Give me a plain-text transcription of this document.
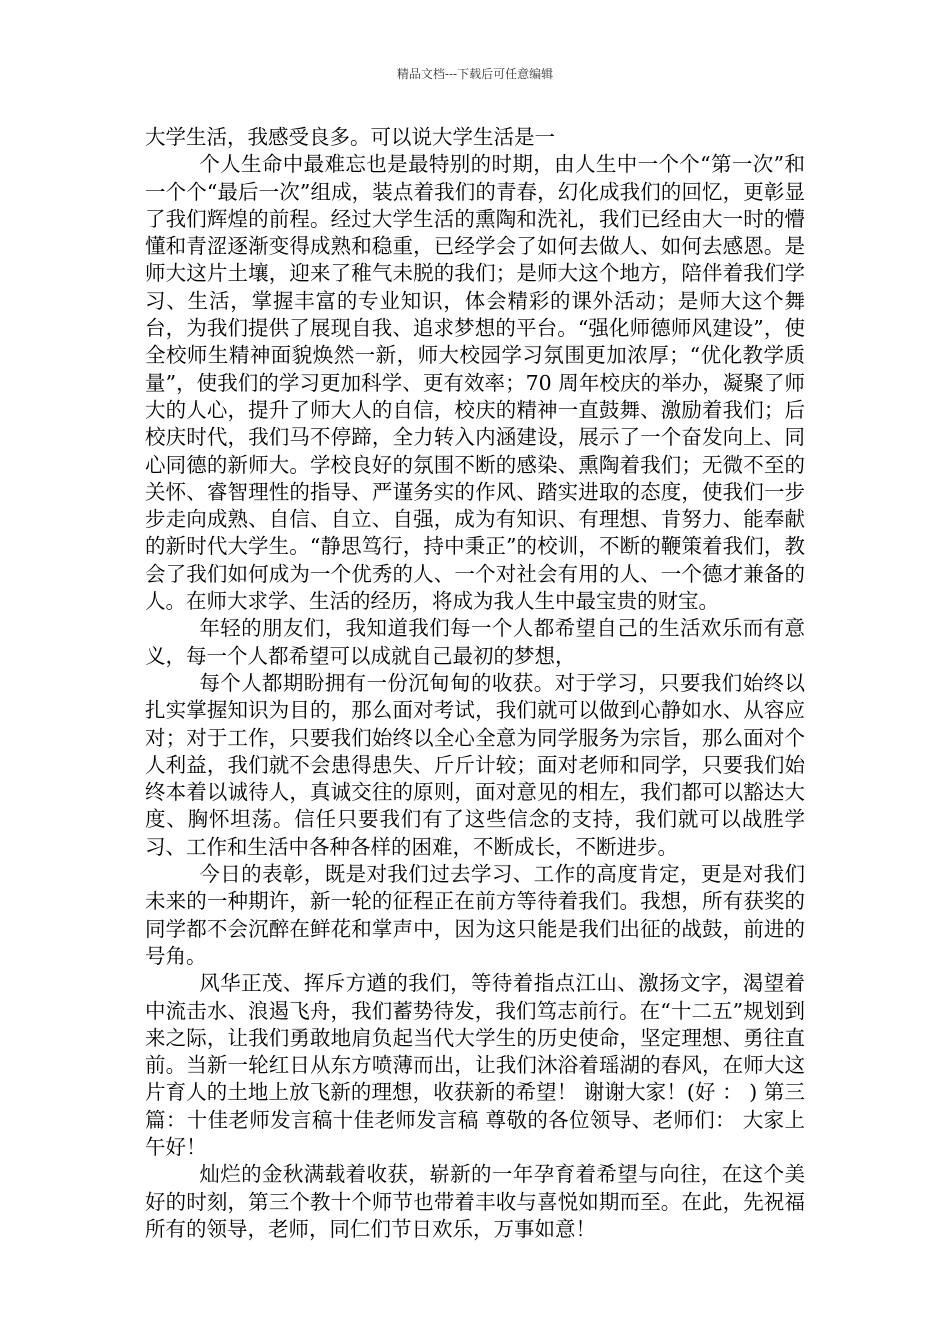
精品文档---下载后可任意编辑

大学生活，我感受良多。可以说大学生活是一

个人生命中最难忘也是最特别的时期，由人生中一个个“第一次”和一个个“最后一次”组成，装点着我们的青春，幻化成我们的回忆，更彰显了我们辉煌的前程。经过大学生活的熏陶和洗礼，我们已经由大一时的懵懂和青涩逐渐变得成熟和稳重，已经学会了如何去做人、如何去感恩。是师大这片土壤，迎来了稚气未脱的我们；是师大这个地方，陪伴着我们学习、生活，掌握丰富的专业知识，体会精彩的课外活动；是师大这个舞台，为我们提供了展现自我、追求梦想的平台。“强化师德师风建设”，使全校师生精神面貌焕然一新，师大校园学习氛围更加浓厚；“优化教学质量”，使我们的学习更加科学、更有效率；70 周年校庆的举办，凝聚了师大的人心，提升了师大人的自信，校庆的精神一直鼓舞、激励着我们；后校庆时代，我们马不停蹄，全力转入内涵建设，展示了一个奋发向上、同心同德的新师大。学校良好的氛围不断的感染、熏陶着我们；无微不至的关怀、睿智理性的指导、严谨务实的作风、踏实进取的态度，使我们一步步走向成熟、自信、自立、自强，成为有知识、有理想、肯努力、能奉献的新时代大学生。“静思笃行，持中秉正”的校训，不断的鞭策着我们，教会了我们如何成为一个优秀的人、一个对社会有用的人、一个德才兼备的人。在师大求学、生活的经历，将成为我人生中最宝贵的财宝。

年轻的朋友们，我知道我们每一个人都希望自己的生活欢乐而有意义，每一个人都希望可以成就自己最初的梦想，

每个人都期盼拥有一份沉甸甸的收获。对于学习，只要我们始终以扎实掌握知识为目的，那么面对考试，我们就可以做到心静如水、从容应对；对于工作，只要我们始终以全心全意为同学服务为宗旨，那么面对个人利益，我们就不会患得患失、斤斤计较；面对老师和同学，只要我们始终本着以诚待人，真诚交往的原则，面对意见的相左，我们都可以豁达大度、胸怀坦荡。信任只要我们有了这些信念的支持，我们就可以战胜学习、工作和生活中各种各样的困难，不断成长，不断进步。

今日的表彰，既是对我们过去学习、工作的高度肯定，更是对我们未来的一种期许，新一轮的征程正在前方等待着我们。我想，所有获奖的同学都不会沉醉在鲜花和掌声中，因为这只能是我们出征的战鼓，前进的号角。

风华正茂、挥斥方遒的我们，等待着指点江山、激扬文字，渴望着中流击水、浪遏飞舟，我们蓄势待发，我们笃志前行。在“十二五”规划到来之际，让我们勇敢地肩负起当代大学生的历史使命，坚定理想、勇往直前。当新一轮红日从东方喷薄而出，让我们沐浴着瑶湖的春风，在师大这片育人的土地上放飞新的理想，收获新的希望！ 谢谢大家！(好 ： ) 第三篇：十佳老师发言稿十佳老师发言稿 尊敬的各位领导、老师们： 大家上午好！

灿烂的金秋满载着收获，崭新的一年孕育着希望与向往，在这个美好的时刻，第三个教十个师节也带着丰收与喜悦如期而至。在此，先祝福所有的领导，老师，同仁们节日欢乐，万事如意！
